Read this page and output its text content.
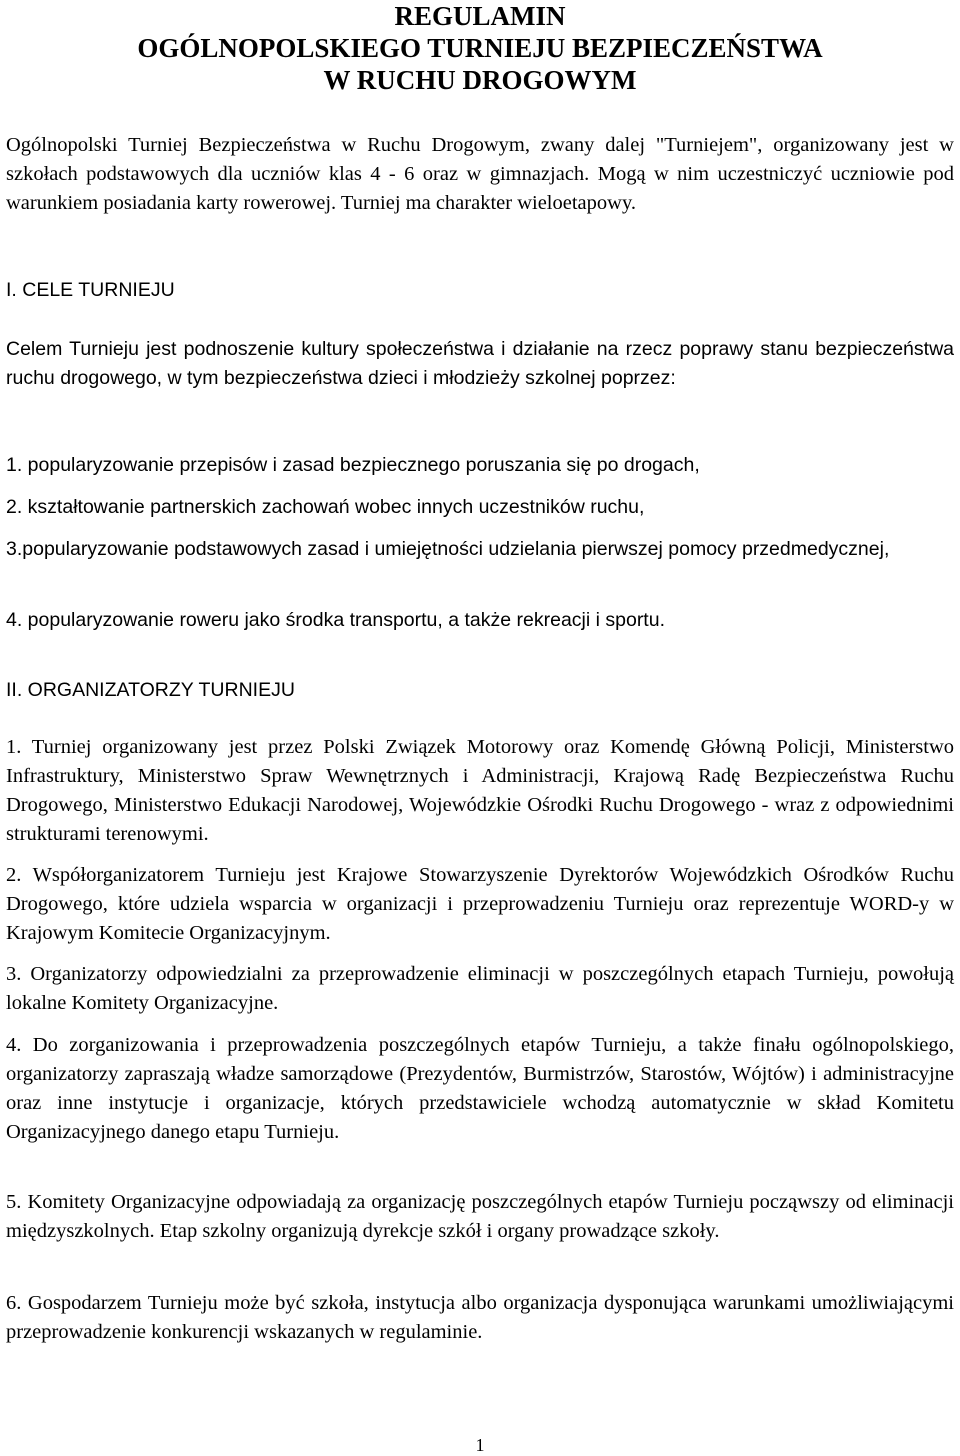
REGULAMIN
OGÓLNOPOLSKIEGO TURNIEJU BEZPIECZEŃSTWA
W RUCHU DROGOWYM

Ogólnopolski Turniej Bezpieczeństwa w Ruchu Drogowym, zwany dalej "Turniejem", organizowany jest w szkołach podstawowych dla uczniów klas 4 - 6 oraz w gimnazjach. Mogą w nim uczestniczyć uczniowie pod warunkiem posiadania karty rowerowej. Turniej ma charakter wieloetapowy.

I. CELE TURNIEJU

Celem Turnieju jest podnoszenie kultury społeczeństwa i działanie na rzecz poprawy stanu bezpieczeństwa ruchu drogowego, w tym bezpieczeństwa dzieci i młodzieży szkolnej poprzez:

1. popularyzowanie przepisów i zasad bezpiecznego poruszania się po drogach,

2. kształtowanie partnerskich zachowań wobec innych uczestników ruchu,

3.popularyzowanie podstawowych zasad i umiejętności udzielania pierwszej pomocy przedmedycznej,

4. popularyzowanie roweru jako środka transportu, a także rekreacji i sportu.

II. ORGANIZATORZY TURNIEJU

1. Turniej organizowany jest przez Polski Związek Motorowy oraz Komendę Główną Policji, Ministerstwo Infrastruktury, Ministerstwo Spraw Wewnętrznych i Administracji, Krajową Radę Bezpieczeństwa Ruchu Drogowego, Ministerstwo Edukacji Narodowej, Wojewódzkie Ośrodki Ruchu Drogowego - wraz z odpowiednimi strukturami terenowymi.

2. Współorganizatorem Turnieju jest Krajowe Stowarzyszenie Dyrektorów Wojewódzkich Ośrodków Ruchu Drogowego, które udziela wsparcia w organizacji i przeprowadzeniu Turnieju oraz reprezentuje WORD-y w Krajowym Komitecie Organizacyjnym.

3. Organizatorzy odpowiedzialni za przeprowadzenie eliminacji w poszczególnych etapach Turnieju, powołują lokalne Komitety Organizacyjne.

4. Do zorganizowania i przeprowadzenia poszczególnych etapów Turnieju, a także finału ogólnopolskiego, organizatorzy zapraszają władze samorządowe (Prezydentów, Burmistrzów, Starostów, Wójtów) i administracyjne oraz inne instytucje i organizacje, których przedstawiciele wchodzą automatycznie w skład Komitetu Organizacyjnego danego etapu Turnieju.

5. Komitety Organizacyjne odpowiadają za organizację poszczególnych etapów Turnieju począwszy od eliminacji międzyszkolnych. Etap szkolny organizują dyrekcje szkół i organy prowadzące szkoły.

6. Gospodarzem Turnieju może być szkoła, instytucja albo organizacja dysponująca warunkami umożliwiającymi przeprowadzenie konkurencji wskazanych w regulaminie.

1
